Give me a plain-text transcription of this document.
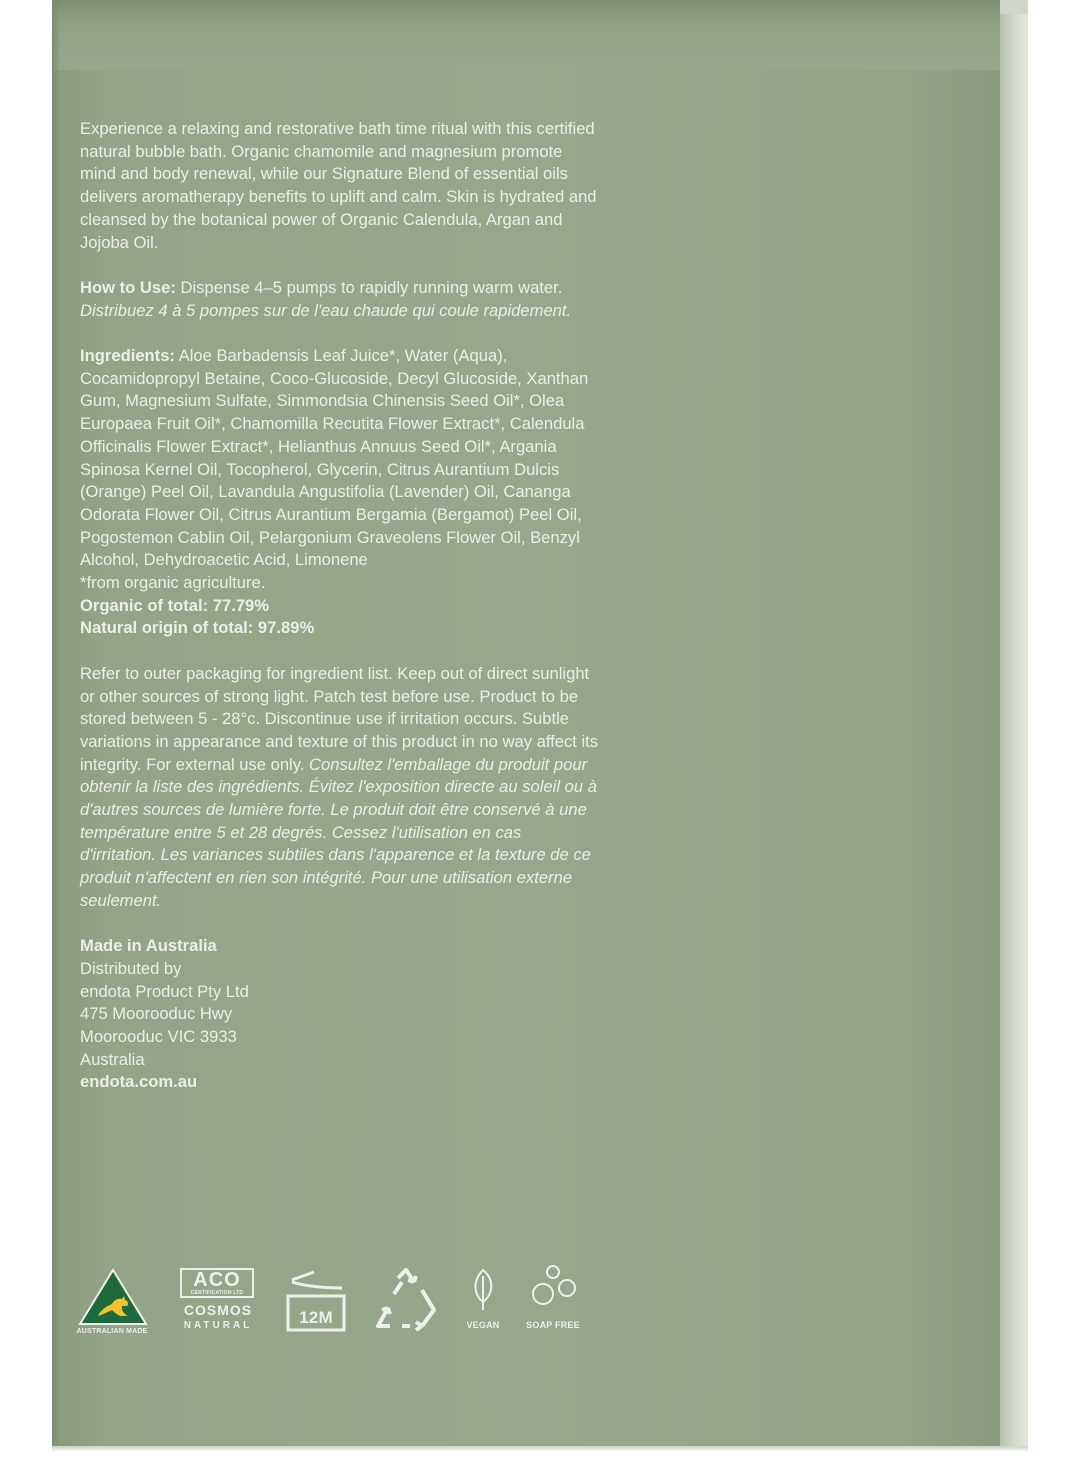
Experience a relaxing and restorative bath time ritual with this certified natural bubble bath. Organic chamomile and magnesium promote mind and body renewal, while our Signature Blend of essential oils delivers aromatherapy benefits to uplift and calm. Skin is hydrated and cleansed by the botanical power of Organic Calendula, Argan and Jojoba Oil.

How to Use: Dispense 4–5 pumps to rapidly running warm water. Distribuez 4 à 5 pompes sur de l'eau chaude qui coule rapidement.

Ingredients: Aloe Barbadensis Leaf Juice*, Water (Aqua), Cocamidopropyl Betaine, Coco-Glucoside, Decyl Glucoside, Xanthan Gum, Magnesium Sulfate, Simmondsia Chinensis Seed Oil*, Olea Europaea Fruit Oil*, Chamomilla Recutita Flower Extract*, Calendula Officinalis Flower Extract*, Helianthus Annuus Seed Oil*, Argania Spinosa Kernel Oil, Tocopherol, Glycerin, Citrus Aurantium Dulcis (Orange) Peel Oil, Lavandula Angustifolia (Lavender) Oil, Cananga Odorata Flower Oil, Citrus Aurantium Bergamia (Bergamot) Peel Oil, Pogostemon Cablin Oil, Pelargonium Graveolens Flower Oil, Benzyl Alcohol, Dehydroacetic Acid, Limonene

*from organic agriculture.

Organic of total: 77.79%

Natural origin of total: 97.89%

Refer to outer packaging for ingredient list. Keep out of direct sunlight or other sources of strong light. Patch test before use. Product to be stored between 5 - 28°c. Discontinue use if irritation occurs. Subtle variations in appearance and texture of this product in no way affect its integrity. For external use only. Consultez l'emballage du produit pour obtenir la liste des ingrédients. Évitez l'exposition directe au soleil ou à d'autres sources de lumière forte. Le produit doit être conservé à une température entre 5 et 28 degrés. Cessez l'utilisation en cas d'irritation. Les variances subtiles dans l'apparence et la texture de ce produit n'affectent en rien son intégrité. Pour une utilisation externe seulement.

Made in Australia

Distributed by

endota Product Pty Ltd

475 Moorooduc Hwy

Moorooduc VIC 3933

Australia

endota.com.au

AUSTRALIAN MADE
ACO
CERTIFICATION LTD
COSMOS
NATURAL	12M	VEGAN	SOAP FREE
